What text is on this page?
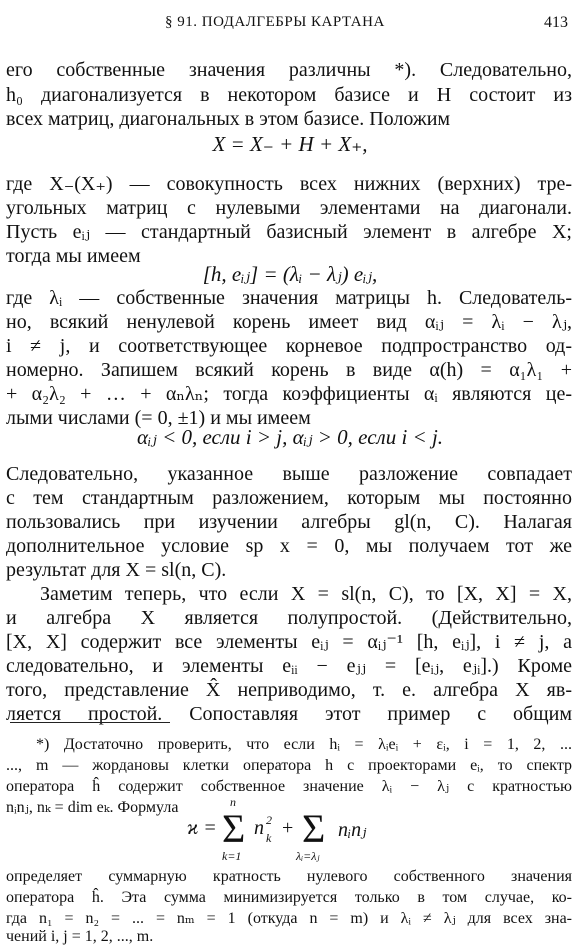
§ 91. ПОДАЛГЕБРЫ КАРТАНА	413
его собственные значения различны *). Следовательно,
h₀ диагонализуется в некотором базисе и H состоит из
всех матриц, диагональных в этом базисе. Положим
X = X₋ + H + X₊,
где X₋(X₊) — совокупность всех нижних (верхних) тре-
угольных матриц с нулевыми элементами на диагонали.
Пусть eᵢⱼ — стандартный базисный элемент в алгебре X;
тогда мы имеем
[h, eᵢⱼ] = (λᵢ − λⱼ) eᵢⱼ,
где λᵢ — собственные значения матрицы h. Следователь-
но, всякий ненулевой корень имеет вид αᵢⱼ = λᵢ − λⱼ,
i ≠ j, и соответствующее корневое подпространство од-
номерно. Запишем всякий корень в виде α(h) = α₁λ₁ +
+ α₂λ₂ + … + αₙλₙ; тогда коэффициенты αᵢ являются це-
лыми числами (= 0, ±1) и мы имеем
αᵢⱼ < 0, если i > j, αᵢⱼ > 0, если i < j.
Следовательно, указанное выше разложение совпадает
с тем стандартным разложением, которым мы постоянно
пользовались при изучении алгебры gl(n, C). Налагая
дополнительное условие sp x = 0, мы получаем тот же
результат для X = sl(n, C).
Заметим теперь, что если X = sl(n, C), то [X, X] = X,
и алгебра X является полупростой. (Действительно,
[X, X] содержит все элементы eᵢⱼ = αᵢⱼ⁻¹ [h, eᵢⱼ], i ≠ j, а
следовательно, и элементы eᵢᵢ − eⱼⱼ = [eᵢⱼ, eⱼᵢ].) Кроме
того, представление X̂ неприводимо, т. е. алгебра X яв-
ляется простой. Сопоставляя этот пример с общим
*) Достаточно проверить, что если hᵢ = λᵢeᵢ + εᵢ, i = 1, 2, ...
..., m — жордановы клетки оператора h с проекторами eᵢ, то спектр
оператора ĥ содержит собственное значение λᵢ − λⱼ с кратностью
nᵢnⱼ, nₖ = dim eₖ. Формула
ϰ =
n
Σ
k=1
n 2
k + Σ
λᵢ=λⱼ
nᵢnⱼ
определяет суммарную кратность нулевого собственного значения
оператора ĥ. Эта сумма минимизируется только в том случае, ко-
гда n₁ = n₂ = ... = nₘ = 1 (откуда n = m) и λᵢ ≠ λⱼ для всех зна-
чений i, j = 1, 2, ..., m.
